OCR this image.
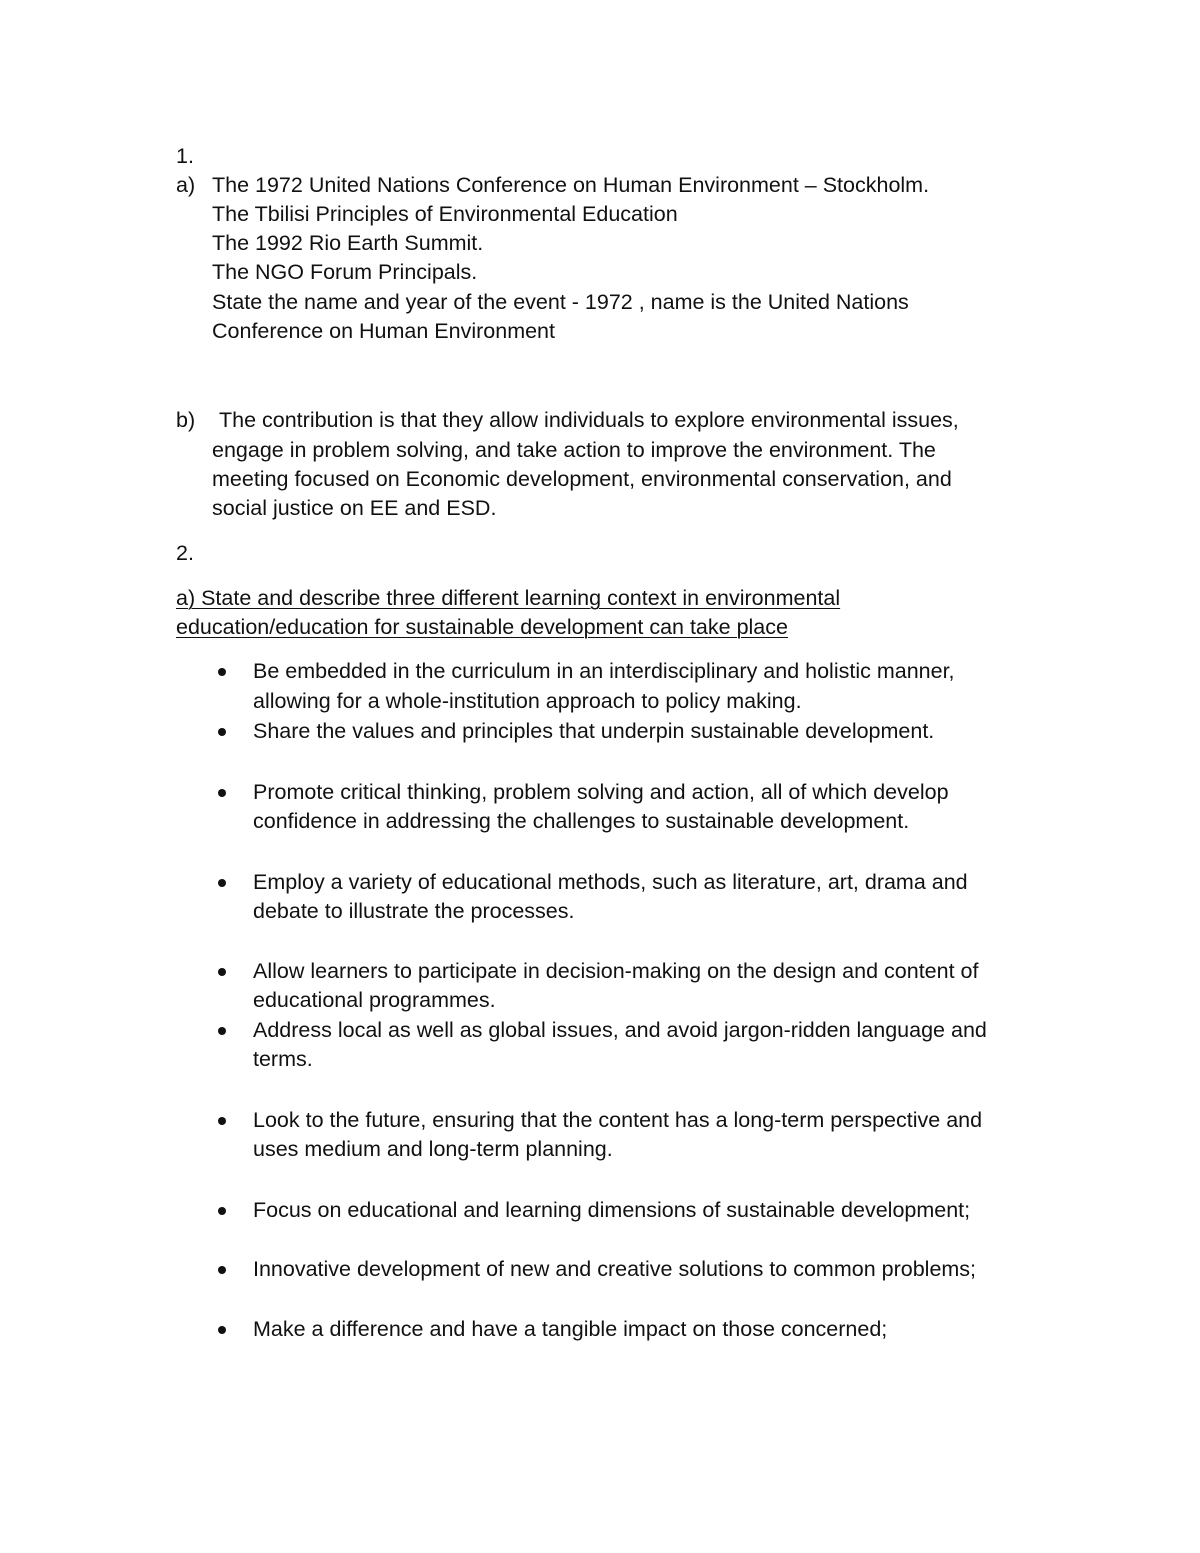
1.
a) The 1972 United Nations Conference on Human Environment – Stockholm.
The Tbilisi Principles of Environmental Education
The 1992 Rio Earth Summit.
The NGO Forum Principals.
State the name and year of the event - 1972 , name is the United Nations
Conference on Human Environment
b) The contribution is that they allow individuals to explore environmental issues,
engage in problem solving, and take action to improve the environment. The
meeting focused on Economic development, environmental conservation, and
social justice on EE and ESD.
2.
a) State and describe three different learning context in environmental
education/education for sustainable development can take place
Be embedded in the curriculum in an interdisciplinary and holistic manner,
allowing for a whole-institution approach to policy making.
Share the values and principles that underpin sustainable development.
Promote critical thinking, problem solving and action, all of which develop
confidence in addressing the challenges to sustainable development.
Employ a variety of educational methods, such as literature, art, drama and
debate to illustrate the processes.
Allow learners to participate in decision-making on the design and content of
educational programmes.
Address local as well as global issues, and avoid jargon-ridden language and
terms.
Look to the future, ensuring that the content has a long-term perspective and
uses medium and long-term planning.
Focus on educational and learning dimensions of sustainable development;
Innovative development of new and creative solutions to common problems;
Make a difference and have a tangible impact on those concerned;
